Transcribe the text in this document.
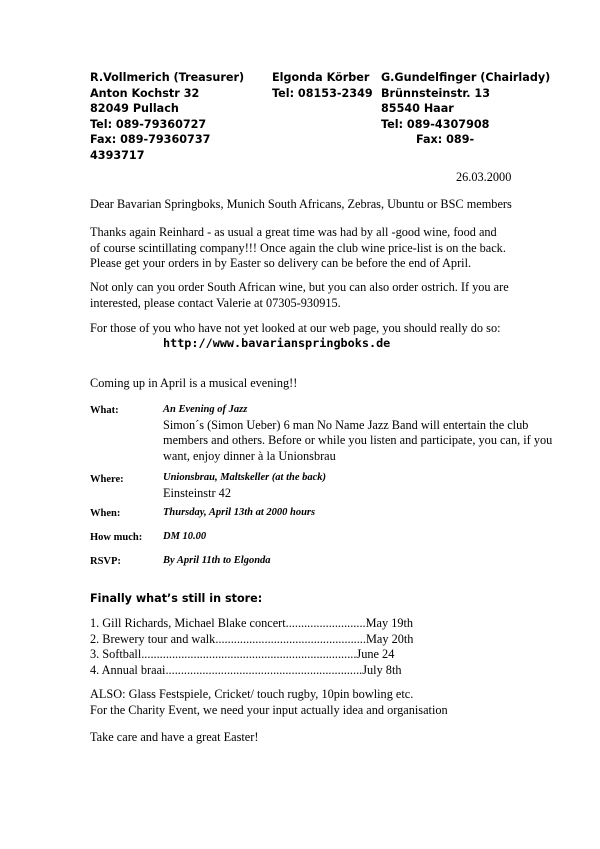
R.Vollmerich (Treasurer)
Anton Kochstr 32
82049 Pullach
Tel: 089-79360727
Fax: 089-79360737
4393717
Elgonda Körber
Tel: 08153-2349
G.Gundelfinger (Chairlady)
Brünnsteinstr. 13
85540 Haar
Tel: 089-4307908
Fax: 089-
26.03.2000
Dear Bavarian Springboks, Munich South Africans, Zebras, Ubuntu or BSC members
Thanks again Reinhard - as usual a great time was had by all -good wine, food and
of course scintillating company!!! Once again the club wine price-list is on the back.
Please get your orders in by Easter so delivery can be before the end of April.
Not only can you order South African wine, but you can also order ostrich. If you are
interested, please contact Valerie at 07305-930915.
For those of you who have not yet looked at our web page, you should really do so:
http://www.bavarianspringboks.de
Coming up in April is a musical evening!!
What:	An Evening of Jazz
Simon´s (Simon Ueber) 6 man No Name Jazz Band will entertain the club
members and others. Before or while you listen and participate, you can, if you
want, enjoy dinner à la Unionsbrau
Where:	Unionsbrau, Maltskeller (at the back)
Einsteinstr 42
When:	Thursday, April 13th at 2000 hours
How much: DM 10.00
RSVP:	By April 11th to Elgonda
Finally what’s still in store:
1. Gill Richards, Michael Blake concert..........................May 19th
2. Brewery tour and walk.................................................May 20th
3. Softball......................................................................June 24
4. Annual braai................................................................July 8th
ALSO: Glass Festspiele, Cricket/ touch rugby, 10pin bowling etc.
For the Charity Event, we need your input actually idea and organisation
Take care and have a great Easter!
